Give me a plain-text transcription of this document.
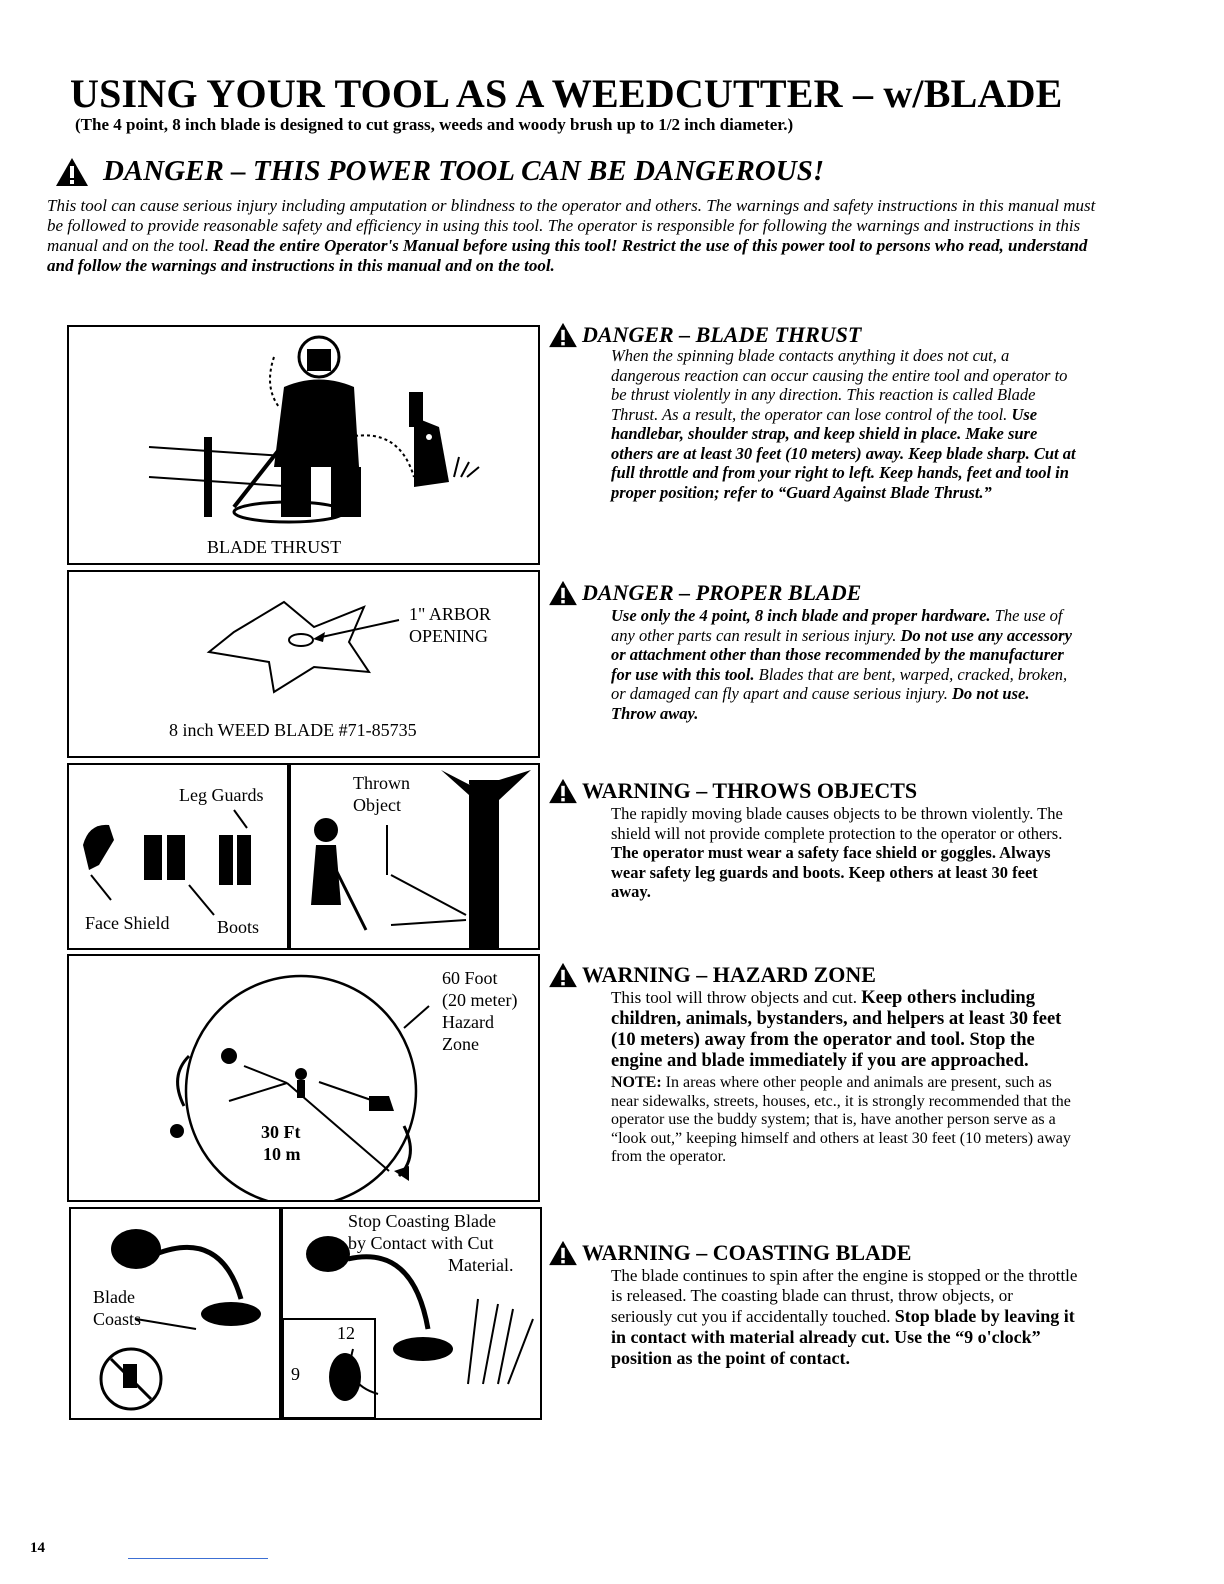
USING YOUR TOOL AS A WEEDCUTTER – w/BLADE
(The 4 point, 8 inch blade is designed to cut grass, weeds and woody brush up to 1/2 inch diameter.)
DANGER – THIS POWER TOOL CAN BE DANGEROUS!
This tool can cause serious injury including amputation or blindness to the operator and others. The warnings and safety instructions in this manual must be followed to provide reasonable safety and efficiency in using this tool. The operator is responsible for following the warnings and instructions in this manual and on the tool. Read the entire Operator's Manual before using this tool! Restrict the use of this power tool to persons who read, understand and follow the warnings and instructions in this manual and on the tool.
BLADE THRUST
1" ARBOR
OPENING
8 inch WEED BLADE #71-85735
Leg Guards
Face Shield	Boots
Thrown
Object
60 Foot
(20 meter)
Hazard
Zone
30 Ft
10 m
Blade
Coasts
Stop Coasting Blade
by Contact with Cut
Material.
12
9
DANGER – BLADE THRUST
When the spinning blade contacts anything it does not cut, a dangerous reaction can occur causing the entire tool and operator to be thrust violently in any direction. This reaction is called Blade Thrust. As a result, the operator can lose control of the tool. Use handlebar, shoulder strap, and keep shield in place. Make sure others are at least 30 feet (10 meters) away. Keep blade sharp. Cut at full throttle and from your right to left. Keep hands, feet and tool in proper position; refer to “Guard Against Blade Thrust.”
DANGER – PROPER BLADE
Use only the 4 point, 8 inch blade and proper hardware. The use of any other parts can result in serious injury. Do not use any accessory or attachment other than those recommended by the manufacturer for use with this tool. Blades that are bent, warped, cracked, broken, or damaged can fly apart and cause serious injury. Do not use. Throw away.
WARNING – THROWS OBJECTS
The rapidly moving blade causes objects to be thrown violently. The shield will not provide complete protection to the operator or others. The operator must wear a safety face shield or goggles. Always wear safety leg guards and boots. Keep others at least 30 feet away.
WARNING – HAZARD ZONE
This tool will throw objects and cut. Keep others including children, animals, bystanders, and helpers at least 30 feet (10 meters) away from the operator and tool. Stop the engine and blade immediately if you are approached.
NOTE: In areas where other people and animals are present, such as near sidewalks, streets, houses, etc., it is strongly recommended that the operator use the buddy system; that is, have another person serve as a “look out,” keeping himself and others at least 30 feet (10 meters) away from the operator.
WARNING – COASTING BLADE
The blade continues to spin after the engine is stopped or the throttle is released. The coasting blade can thrust, throw objects, or seriously cut you if accidentally touched. Stop blade by leaving it in contact with material already cut. Use the “9 o'clock” position as the point of contact.
14
